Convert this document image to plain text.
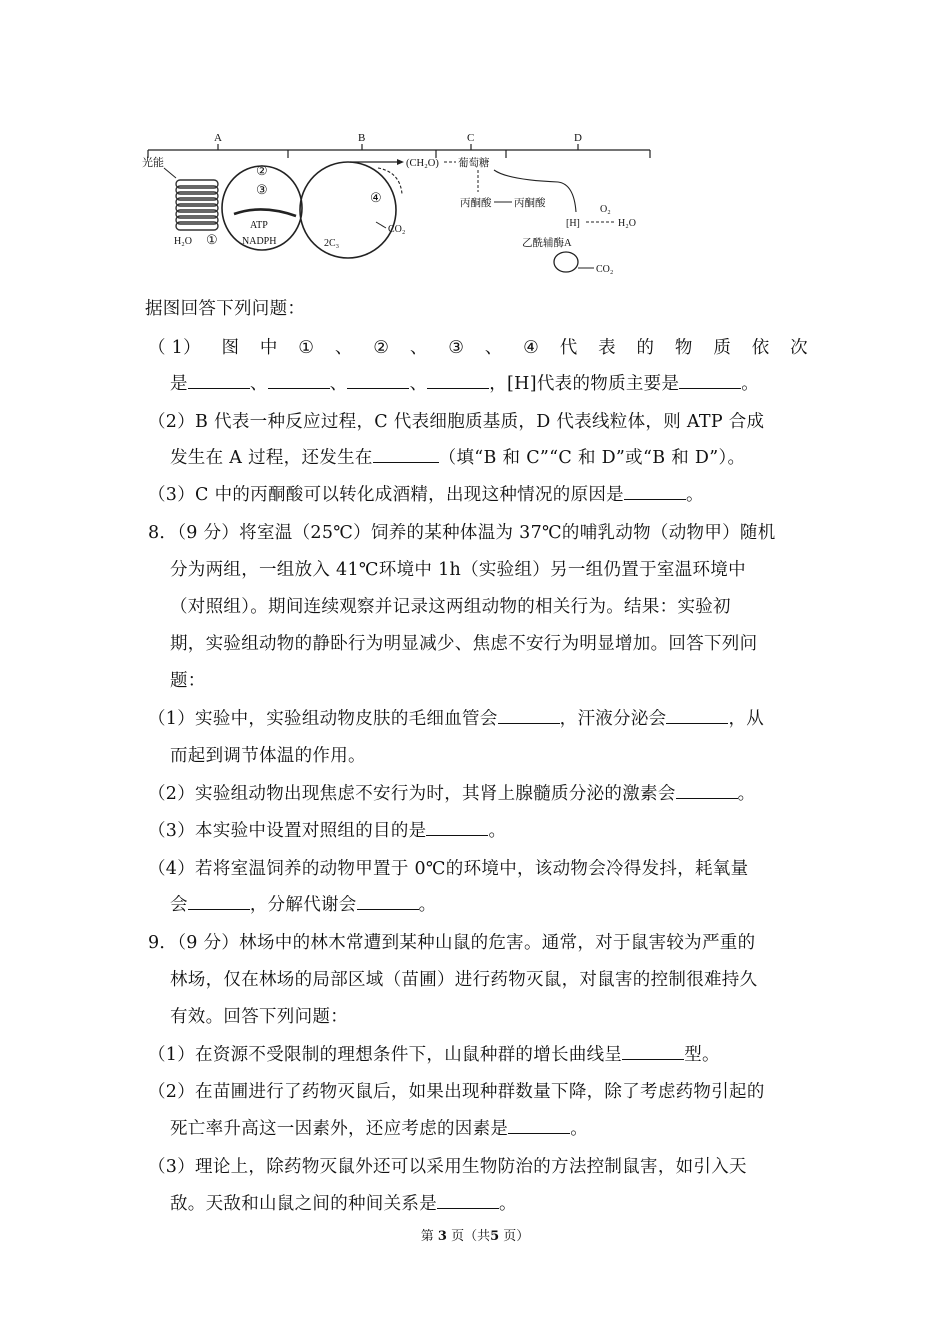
A	B	C	D
光能	②
③
ATP
NADPH
H₂O ①
④
CO₂
2C₃
(CH₂O) 葡萄糖
丙酮酸 丙酮酸
[H]
O₂
H₂O
乙酰辅酶A
CO₂
据图回答下列问题：
（ 1） 图 中 ① 、 ② 、 ③ 、 ④ 代 表 的 物 质 依 次
是	、	、	、	，[H]代表的物质主要是	。
（2）B 代表一种反应过程，C 代表细胞质基质，D 代表线粒体，则 ATP 合成
发生在 A 过程，还发生在	（填“B 和 C”“C 和 D”或“B 和 D”）。
（3）C 中的丙酮酸可以转化成酒精，出现这种情况的原因是	。
8．（9 分）将室温（25℃）饲养的某种体温为 37℃的哺乳动物（动物甲）随机
分为两组，一组放入 41℃环境中 1h（实验组）另一组仍置于室温环境中
（对照组）。期间连续观察并记录这两组动物的相关行为。结果：实验初
期，实验组动物的静卧行为明显减少、焦虑不安行为明显增加。回答下列问
题：
（1）实验中，实验组动物皮肤的毛细血管会	，汗液分泌会	，从
而起到调节体温的作用。
（2）实验组动物出现焦虑不安行为时，其肾上腺髓质分泌的激素会	。
（3）本实验中设置对照组的目的是	。
（4）若将室温饲养的动物甲置于 0℃的环境中，该动物会冷得发抖，耗氧量
会	，分解代谢会	。
9．（9 分）林场中的林木常遭到某种山鼠的危害。通常，对于鼠害较为严重的
林场，仅在林场的局部区域（苗圃）进行药物灭鼠，对鼠害的控制很难持久
有效。回答下列问题：
（1）在资源不受限制的理想条件下，山鼠种群的增长曲线呈	型。
（2）在苗圃进行了药物灭鼠后，如果出现种群数量下降，除了考虑药物引起的
死亡率升高这一因素外，还应考虑的因素是	。
（3）理论上，除药物灭鼠外还可以采用生物防治的方法控制鼠害，如引入天
敌。天敌和山鼠之间的种间关系是	。
第 3 页（共5 页）
